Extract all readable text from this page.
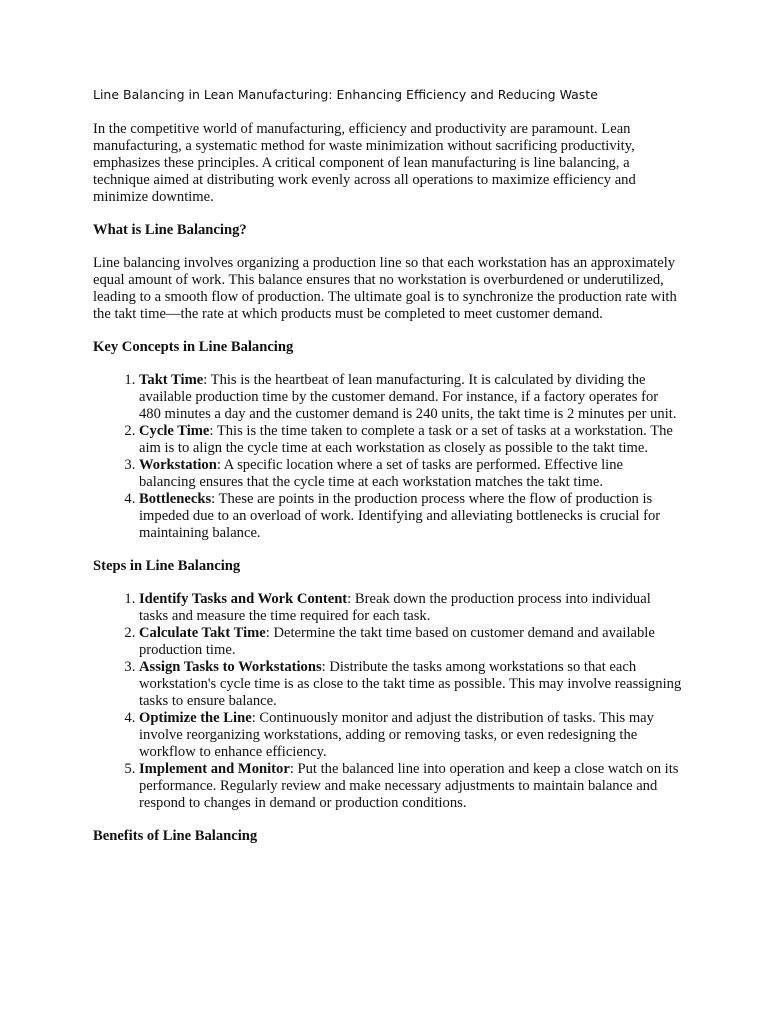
Line Balancing in Lean Manufacturing: Enhancing Efficiency and Reducing Waste

In the competitive world of manufacturing, efficiency and productivity are paramount. Lean manufacturing, a systematic method for waste minimization without sacrificing productivity, emphasizes these principles. A critical component of lean manufacturing is line balancing, a technique aimed at distributing work evenly across all operations to maximize efficiency and minimize downtime.

What is Line Balancing?

Line balancing involves organizing a production line so that each workstation has an approximately equal amount of work. This balance ensures that no workstation is overburdened or underutilized, leading to a smooth flow of production. The ultimate goal is to synchronize the production rate with the takt time—the rate at which products must be completed to meet customer demand.

Key Concepts in Line Balancing
1. Takt Time: This is the heartbeat of lean manufacturing. It is calculated by dividing the available production time by the customer demand. For instance, if a factory operates for 480 minutes a day and the customer demand is 240 units, the takt time is 2 minutes per unit.
2. Cycle Time: This is the time taken to complete a task or a set of tasks at a workstation. The aim is to align the cycle time at each workstation as closely as possible to the takt time.
3. Workstation: A specific location where a set of tasks are performed. Effective line balancing ensures that the cycle time at each workstation matches the takt time.
4. Bottlenecks: These are points in the production process where the flow of production is impeded due to an overload of work. Identifying and alleviating bottlenecks is crucial for maintaining balance.
Steps in Line Balancing
1. Identify Tasks and Work Content: Break down the production process into individual tasks and measure the time required for each task.
2. Calculate Takt Time: Determine the takt time based on customer demand and available production time.
3. Assign Tasks to Workstations: Distribute the tasks among workstations so that each workstation's cycle time is as close to the takt time as possible. This may involve reassigning tasks to ensure balance.
4. Optimize the Line: Continuously monitor and adjust the distribution of tasks. This may involve reorganizing workstations, adding or removing tasks, or even redesigning the workflow to enhance efficiency.
5. Implement and Monitor: Put the balanced line into operation and keep a close watch on its performance. Regularly review and make necessary adjustments to maintain balance and respond to changes in demand or production conditions.
Benefits of Line Balancing
